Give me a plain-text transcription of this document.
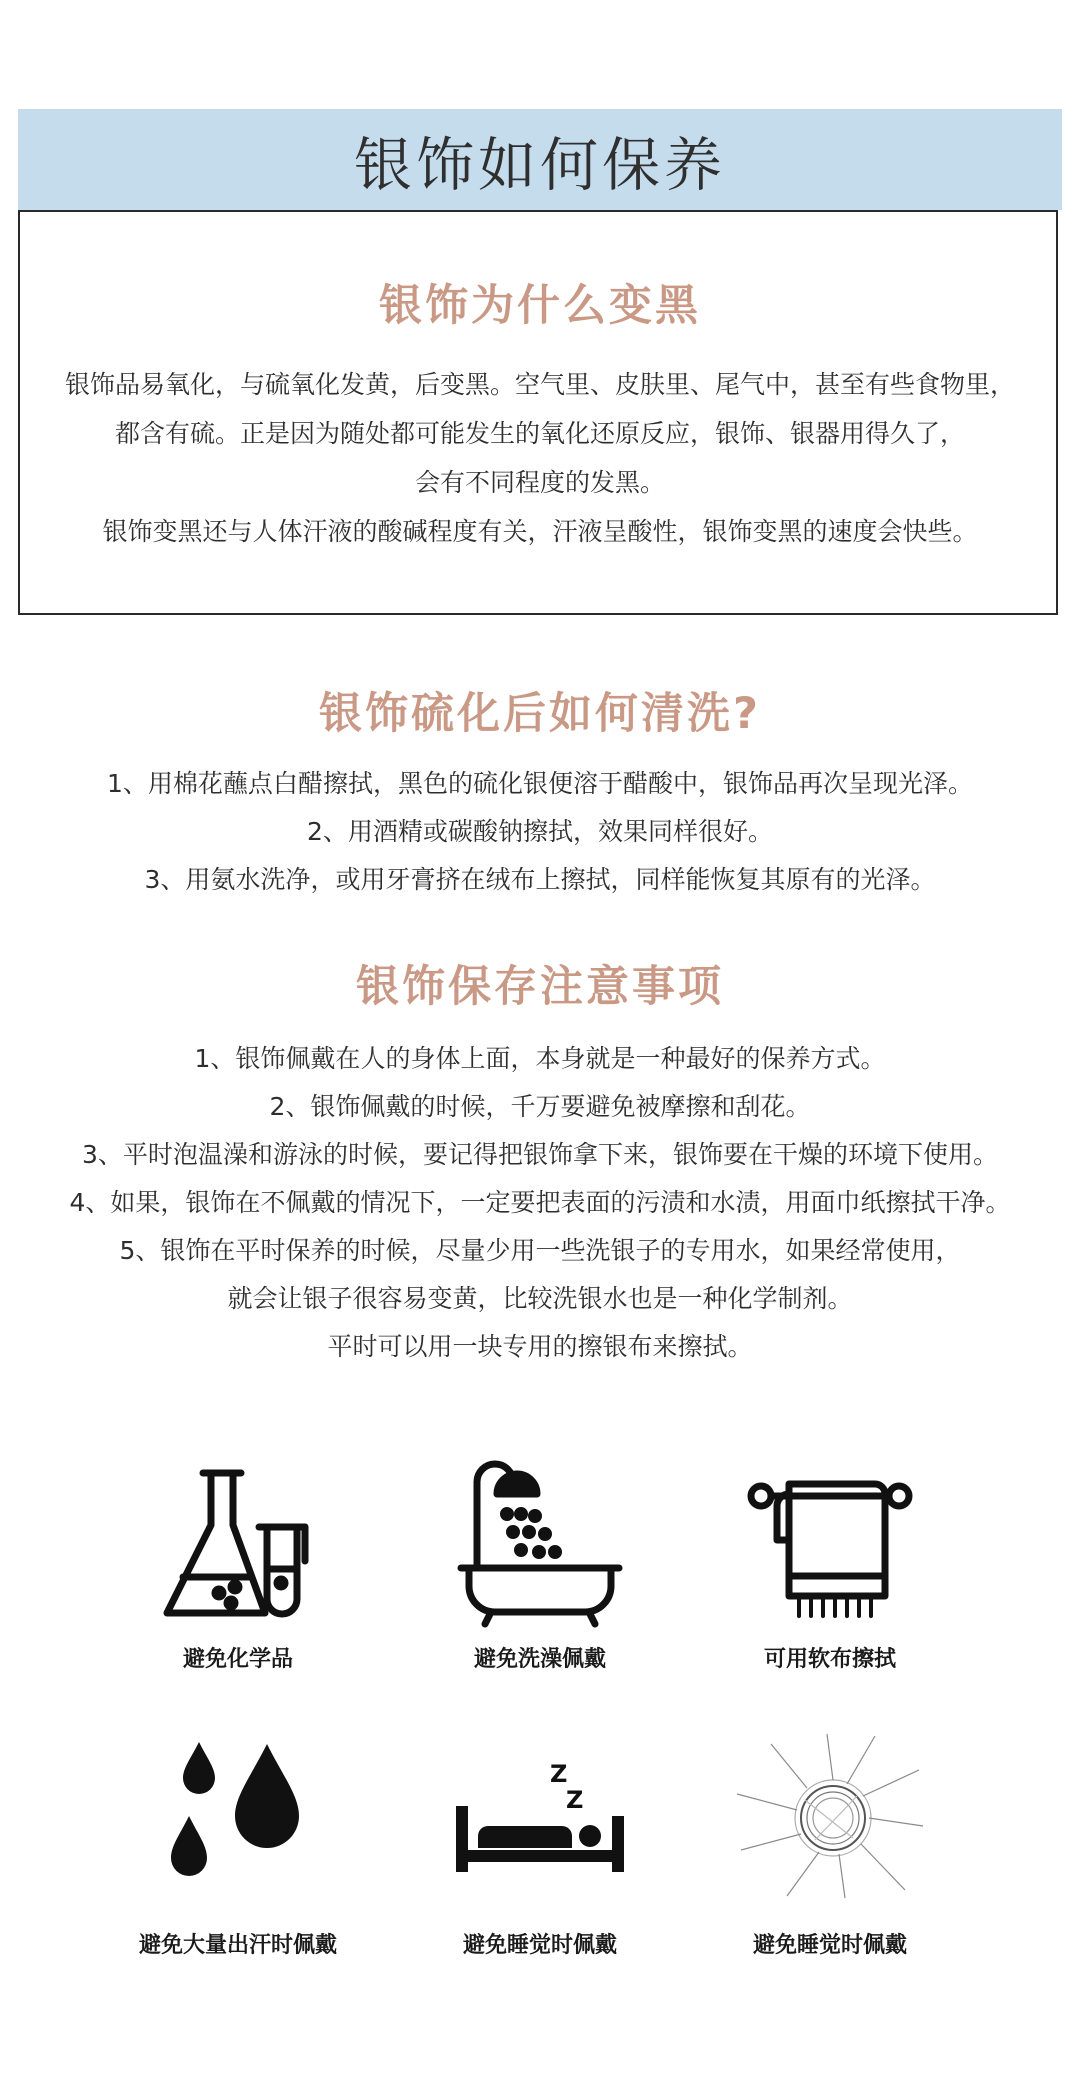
银饰如何保养
银饰为什么变黑

银饰品易氧化，与硫氧化发黄，后变黑。空气里、皮肤里、尾气中，甚至有些食物里，

都含有硫。正是因为随处都可能发生的氧化还原反应，银饰、银器用得久了，

会有不同程度的发黑。

银饰变黑还与人体汗液的酸碱程度有关，汗液呈酸性，银饰变黑的速度会快些。

银饰硫化后如何清洗?

1、用棉花蘸点白醋擦拭，黑色的硫化银便溶于醋酸中，银饰品再次呈现光泽。

2、用酒精或碳酸钠擦拭，效果同样很好。

3、用氨水洗净，或用牙膏挤在绒布上擦拭，同样能恢复其原有的光泽。

银饰保存注意事项

1、银饰佩戴在人的身体上面，本身就是一种最好的保养方式。

2、银饰佩戴的时候，千万要避免被摩擦和刮花。

3、平时泡温澡和游泳的时候，要记得把银饰拿下来，银饰要在干燥的环境下使用。

4、如果，银饰在不佩戴的情况下，一定要把表面的污渍和水渍，用面巾纸擦拭干净。

5、银饰在平时保养的时候，尽量少用一些洗银子的专用水，如果经常使用，

就会让银子很容易变黄，比较洗银水也是一种化学制剂。

平时可以用一块专用的擦银布来擦拭。

避免化学品	避免洗澡佩戴	可用软布擦拭
避免大量出汗时佩戴
Z
Z
避免睡觉时佩戴	避免睡觉时佩戴
